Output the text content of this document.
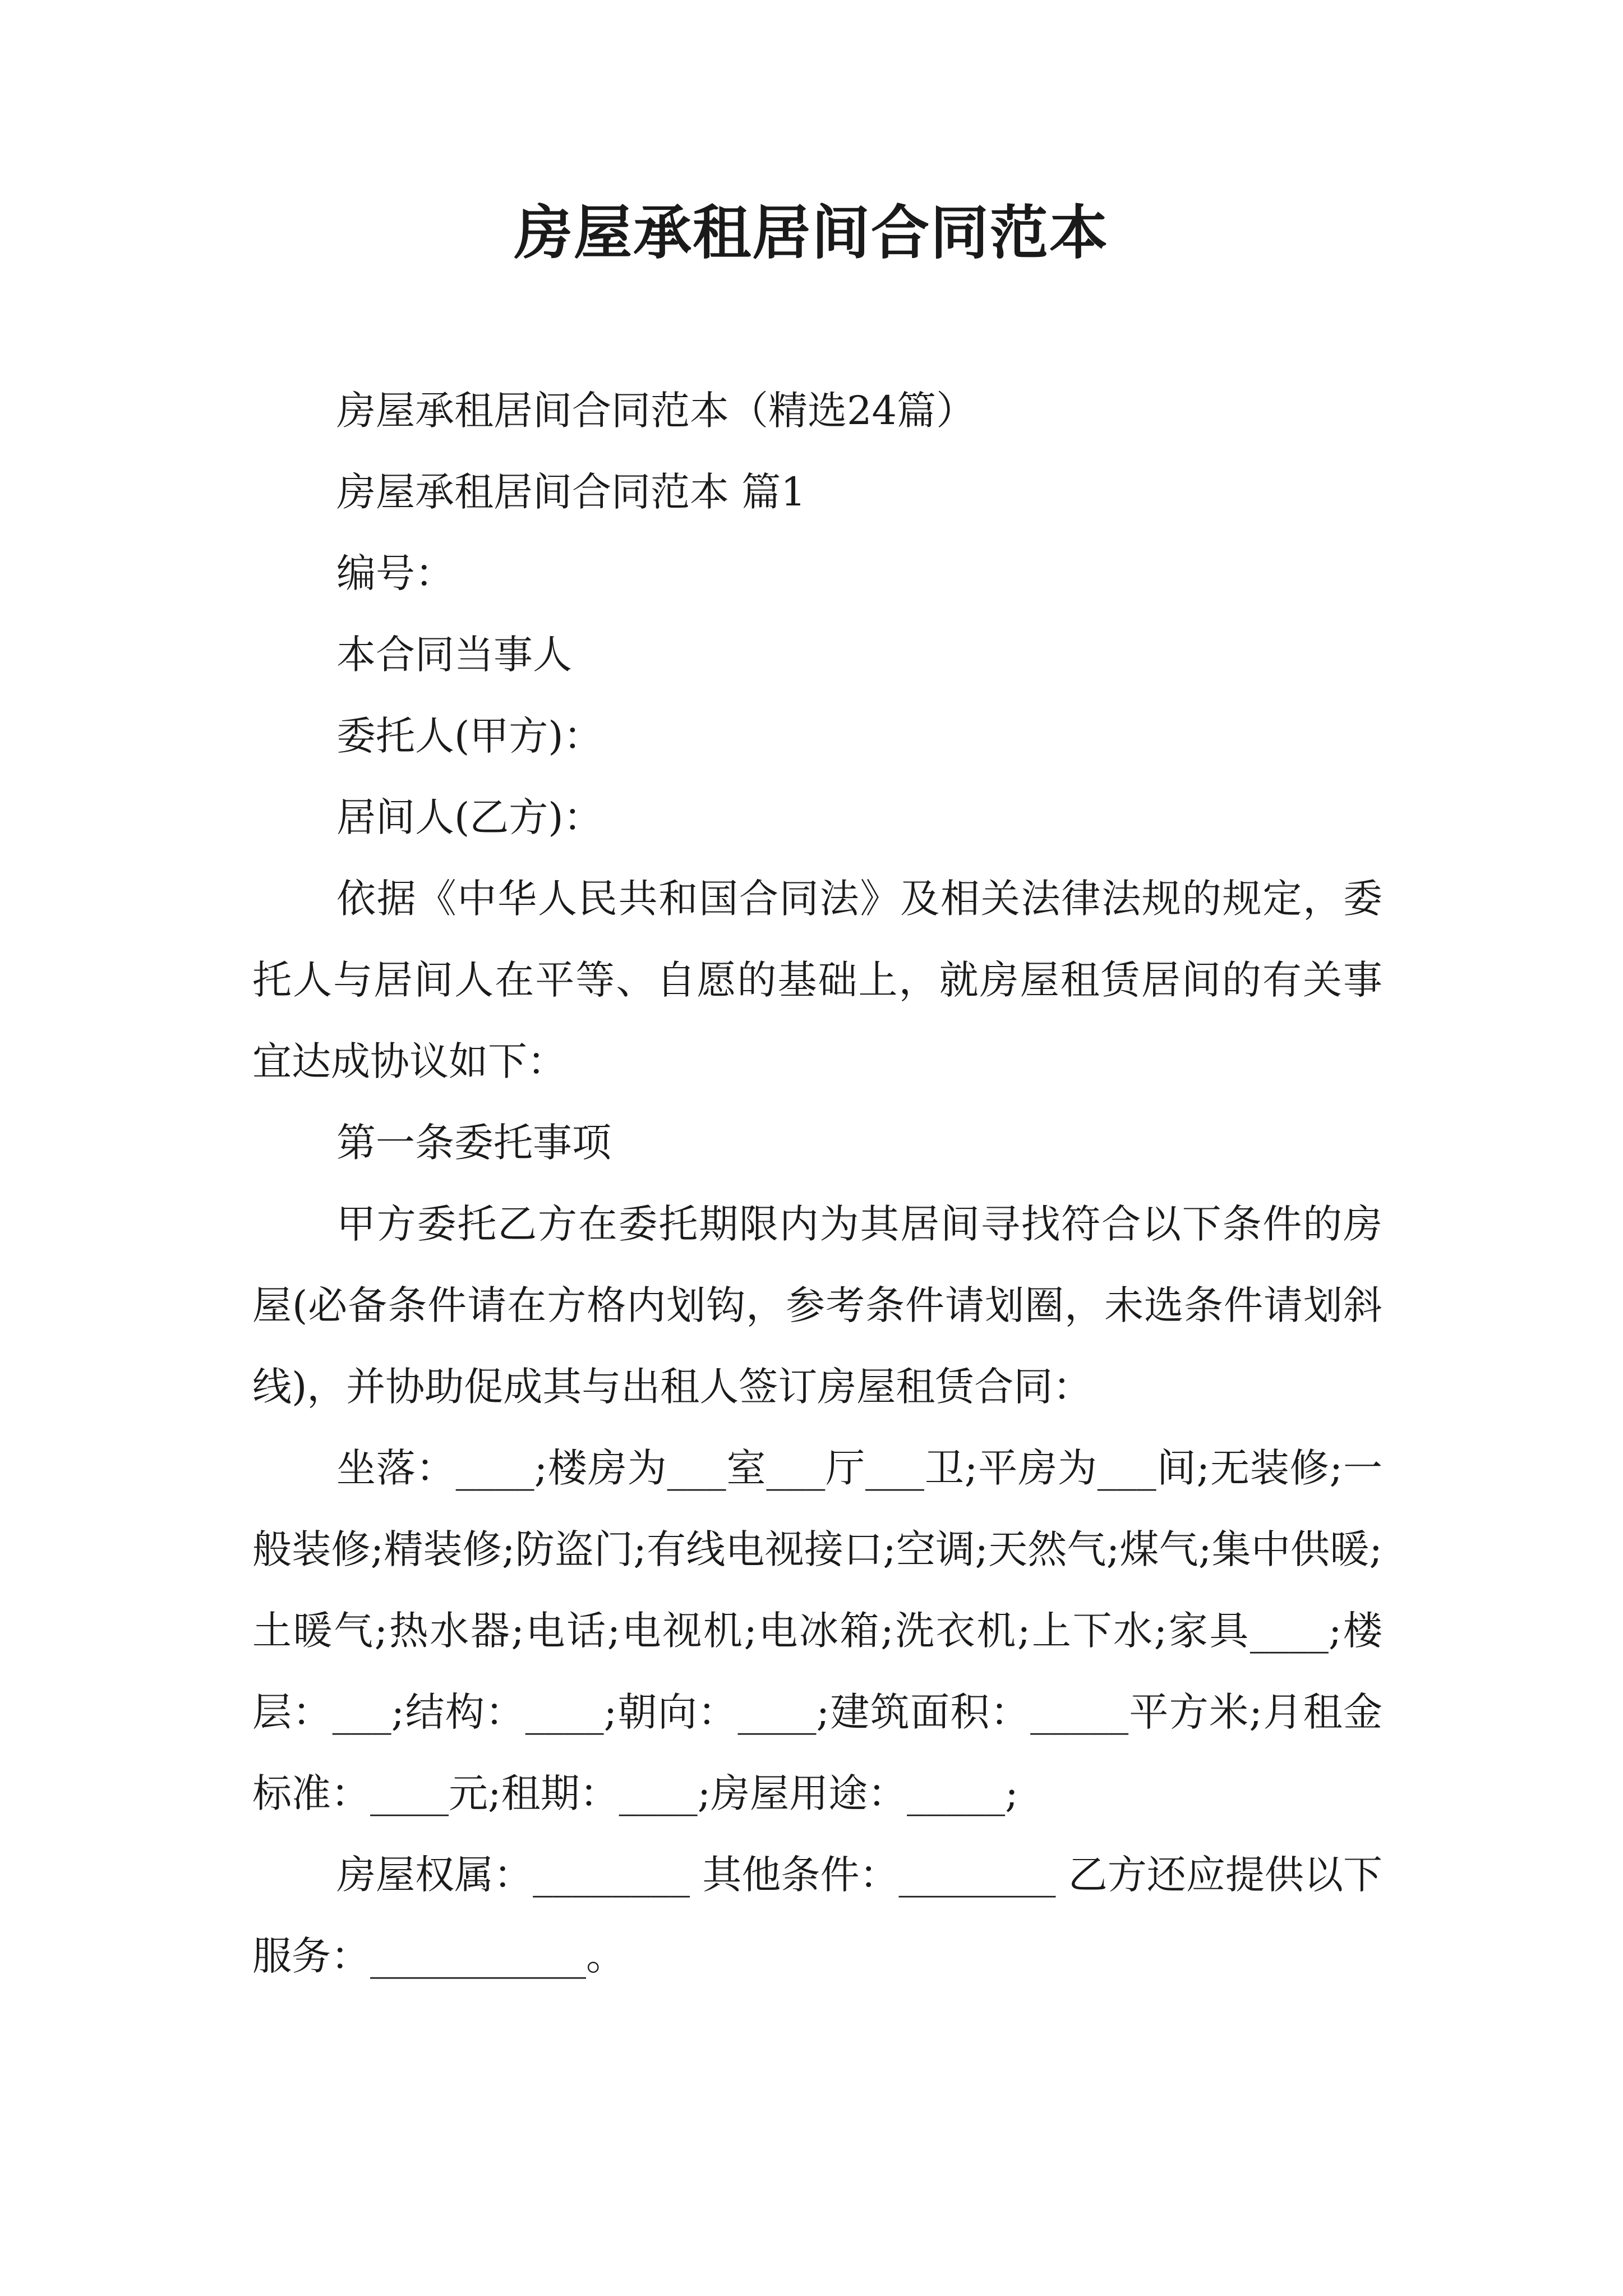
房屋承租居间合同范本

房屋承租居间合同范本（精选24篇）

房屋承租居间合同范本 篇1

编号：

本合同当事人

委托人(甲方)：

居间人(乙方)：

依据《中华人民共和国合同法》及相关法律法规的规定，委托人与居间人在平等、自愿的基础上，就房屋租赁居间的有关事宜达成协议如下：

第一条委托事项

甲方委托乙方在委托期限内为其居间寻找符合以下条件的房屋(必备条件请在方格内划钩，参考条件请划圈，未选条件请划斜线)，并协助促成其与出租人签订房屋租赁合同：

坐落：____;楼房为___室___厅___卫;平房为___间;无装修;一般装修;精装修;防盗门;有线电视接口;空调;天然气;煤气;集中供暖;土暖气;热水器;电话;电视机;电冰箱;洗衣机;上下水;家具____;楼层：___;结构：____;朝向：____;建筑面积：_____平方米;月租金标准：____元;租期：____;房屋用途：_____;

房屋权属：________ 其他条件：________ 乙方还应提供以下服务：___________。
